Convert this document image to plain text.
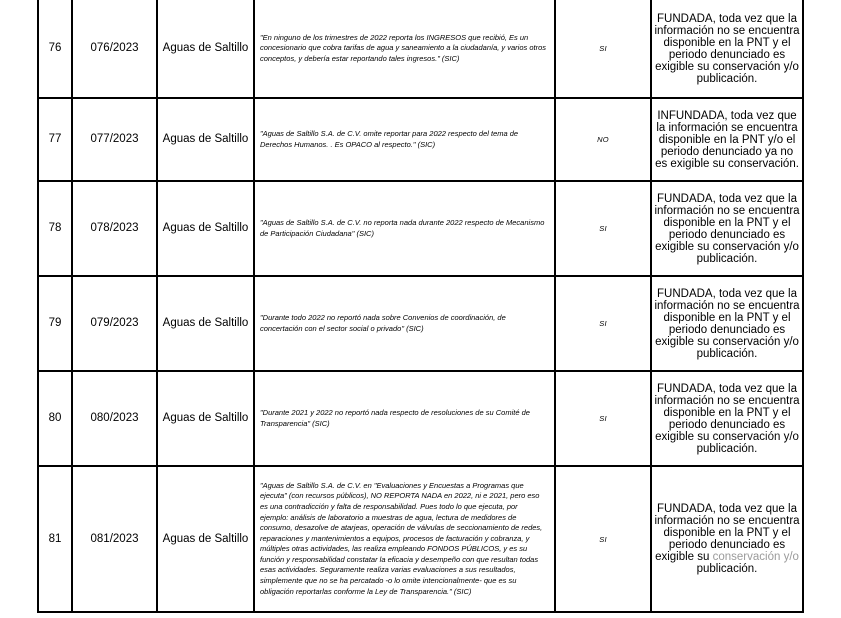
76	076/2023	Aguas de Saltillo	"En ninguno de los trimestres de 2022 reporta los INGRESOS que recibió, Es un concesionario que cobra tarifas de agua y saneamiento a la ciudadanía, y varios otros conceptos, y debería estar reportando tales ingresos." (SIC)	SI	FUNDADA, toda vez que la información no se encuentra disponible en la PNT y el periodo denunciado es exigible su conservación y/o publicación.
77	077/2023	Aguas de Saltillo	"Aguas de Saltillo S.A. de C.V. omite reportar para 2022 respecto del tema de Derechos Humanos. . Es OPACO al respecto." (SIC)	NO	INFUNDADA, toda vez que la información se encuentra disponible en la PNT y/o el periodo denunciado ya no es exigible su conservación.
78	078/2023	Aguas de Saltillo	"Aguas de Saltillo S.A. de C.V. no reporta nada durante 2022 respecto de Mecanismo de Participación Ciudadana" (SIC)	SI	FUNDADA, toda vez que la información no se encuentra disponible en la PNT y el periodo denunciado es exigible su conservación y/o publicación.
79	079/2023	Aguas de Saltillo	"Durante todo 2022 no reportó nada sobre Convenios de coordinación, de concertación con el sector social o privado" (SIC)	SI	FUNDADA, toda vez que la información no se encuentra disponible en la PNT y el periodo denunciado es exigible su conservación y/o publicación.
80	080/2023	Aguas de Saltillo	"Durante 2021 y 2022 no reportó nada respecto de resoluciones de su Comité de Transparencia" (SIC)	SI	FUNDADA, toda vez que la información no se encuentra disponible en la PNT y el periodo denunciado es exigible su conservación y/o publicación.
81	081/2023	Aguas de Saltillo	"Aguas de Saltillo S.A. de C.V. en "Evaluaciones y Encuestas a Programas que ejecuta" (con recursos públicos), NO REPORTA NADA en 2022, ni e 2021, pero eso es una contradicción y falta de responsabilidad. Pues todo lo que ejecuta, por ejemplo: análisis de laboratorio a muestras de agua, lectura de medidores de consumo, desazolve de atarjeas, operación de válvulas de seccionamiento de redes, reparaciones y mantenimientos a equipos, procesos de facturación y cobranza, y múltiples otras actividades, las realiza empleando FONDOS PÚBLICOS, y es su función y responsabilidad constatar la eficacia y desempeño con que resultan todas esas actividades. Seguramente realiza varias evaluaciones a sus resultados, simplemente que no se ha percatado -o lo omite intencionalmente- que es su obligación reportarlas conforme la Ley de Transparencia." (SIC)	SI	FUNDADA, toda vez que la información no se encuentra disponible en la PNT y el periodo denunciado es exigible su conservación y/o publicación.
